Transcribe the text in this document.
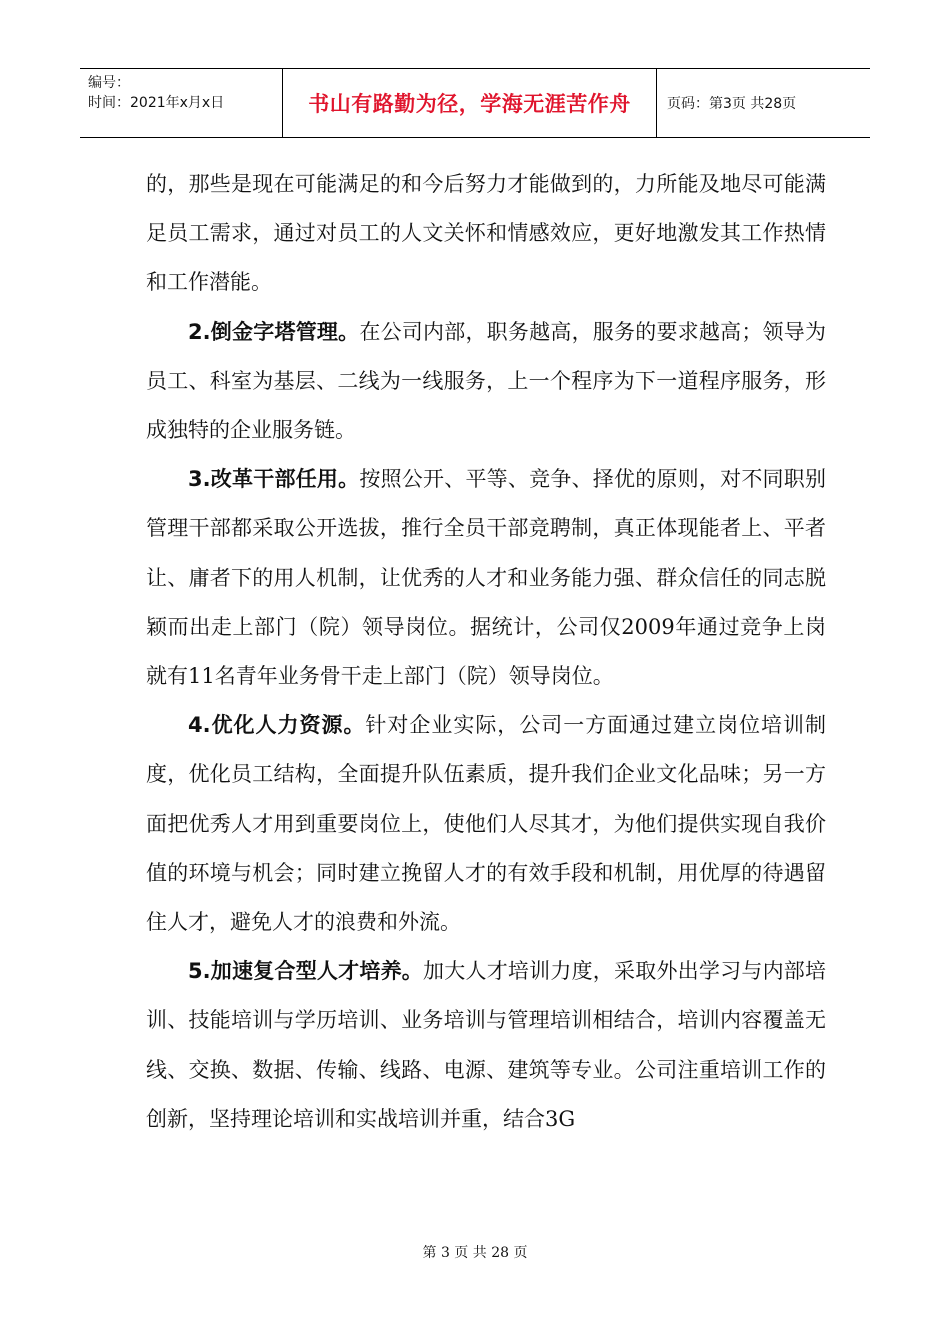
编号：
时间：2021年x月x日	书山有路勤为径，学海无涯苦作舟	页码：第3页 共28页

的，那些是现在可能满足的和今后努力才能做到的，力所能及地尽可能满足员工需求，通过对员工的人文关怀和情感效应，更好地激发其工作热情和工作潜能。

2.倒金字塔管理。在公司内部，职务越高，服务的要求越高；领导为员工、科室为基层、二线为一线服务，上一个程序为下一道程序服务，形成独特的企业服务链。

3.改革干部任用。按照公开、平等、竞争、择优的原则，对不同职别管理干部都采取公开选拔，推行全员干部竞聘制，真正体现能者上、平者让、庸者下的用人机制，让优秀的人才和业务能力强、群众信任的同志脱颖而出走上部门（院）领导岗位。据统计，公司仅2009年通过竞争上岗就有11名青年业务骨干走上部门（院）领导岗位。

4.优化人力资源。针对企业实际，公司一方面通过建立岗位培训制度，优化员工结构，全面提升队伍素质，提升我们企业文化品味；另一方面把优秀人才用到重要岗位上，使他们人尽其才，为他们提供实现自我价值的环境与机会；同时建立挽留人才的有效手段和机制，用优厚的待遇留住人才，避免人才的浪费和外流。

5.加速复合型人才培养。加大人才培训力度，采取外出学习与内部培训、技能培训与学历培训、业务培训与管理培训相结合，培训内容覆盖无线、交换、数据、传输、线路、电源、建筑等专业。公司注重培训工作的创新，坚持理论培训和实战培训并重，结合3G

第 3 页 共 28 页
